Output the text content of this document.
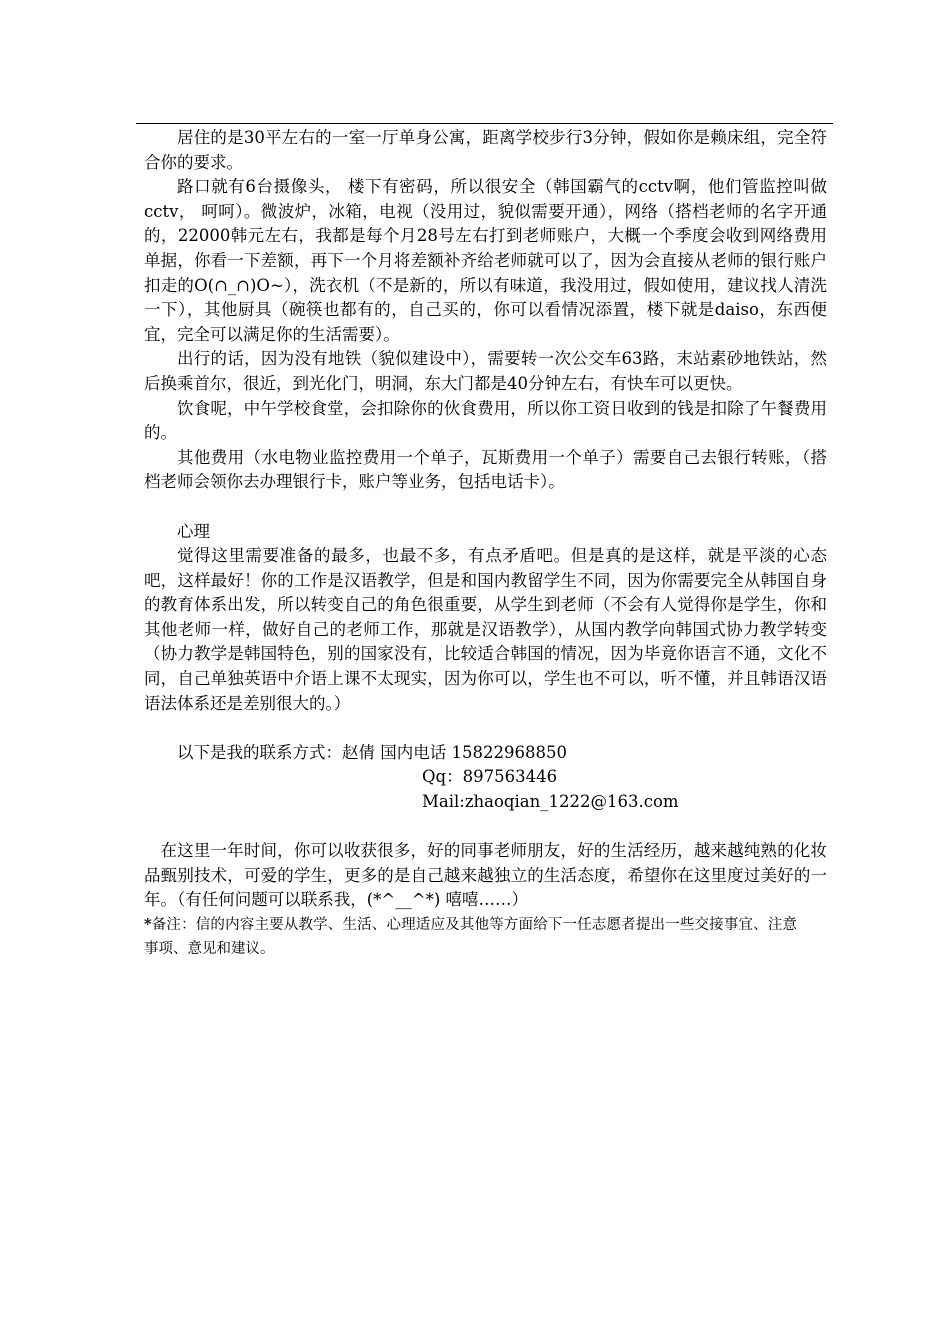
居住的是30平左右的一室一厅单身公寓，距离学校步行3分钟，假如你是赖床组，完全符合你的要求。

路口就有6台摄像头， 楼下有密码，所以很安全（韩国霸气的cctv啊，他们管监控叫做cctv， 呵呵）。微波炉，冰箱，电视（没用过，貌似需要开通），网络（搭档老师的名字开通的，22000韩元左右，我都是每个月28号左右打到老师账户，大概一个季度会收到网络费用单据，你看一下差额，再下一个月将差额补齐给老师就可以了，因为会直接从老师的银行账户扣走的O(∩_∩)O~），洗衣机（不是新的，所以有味道，我没用过，假如使用，建议找人清洗一下），其他厨具（碗筷也都有的，自己买的，你可以看情况添置，楼下就是daiso，东西便宜，完全可以满足你的生活需要）。

出行的话，因为没有地铁（貌似建设中），需要转一次公交车63路，末站素砂地铁站，然后换乘首尔，很近，到光化门，明洞，东大门都是40分钟左右，有快车可以更快。

饮食呢，中午学校食堂，会扣除你的伙食费用，所以你工资日收到的钱是扣除了午餐费用的。

其他费用（水电物业监控费用一个单子，瓦斯费用一个单子）需要自己去银行转账，（搭档老师会领你去办理银行卡，账户等业务，包括电话卡）。

心理

觉得这里需要准备的最多，也最不多，有点矛盾吧。但是真的是这样，就是平淡的心态吧，这样最好！你的工作是汉语教学，但是和国内教留学生不同，因为你需要完全从韩国自身的教育体系出发，所以转变自己的角色很重要，从学生到老师（不会有人觉得你是学生，你和其他老师一样，做好自己的老师工作，那就是汉语教学），从国内教学向韩国式协力教学转变（协力教学是韩国特色，别的国家没有，比较适合韩国的情况，因为毕竟你语言不通，文化不同，自己单独英语中介语上课不太现实，因为你可以，学生也不可以，听不懂，并且韩语汉语语法体系还是差别很大的。）

以下是我的联系方式：赵倩 国内电话 15822968850

Qq：897563446

Mail:zhaoqian_1222@163.com

在这里一年时间，你可以收获很多，好的同事老师朋友，好的生活经历，越来越纯熟的化妆品甄别技术，可爱的学生，更多的是自己越来越独立的生活态度，希望你在这里度过美好的一年。（有任何问题可以联系我，(*^__^*) 嘻嘻……）

*备注：信的内容主要从教学、生活、心理适应及其他等方面给下一任志愿者提出一些交接事宜、注意事项、意见和建议。
